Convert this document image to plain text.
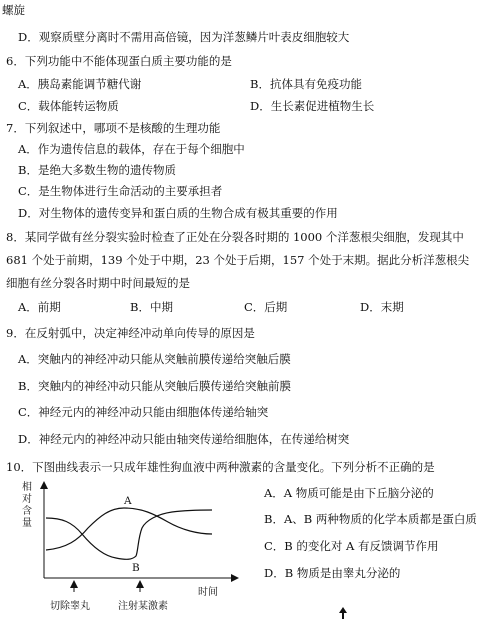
螺旋
D．观察质壁分离时不需用高倍镜，因为洋葱鳞片叶表皮细胞较大
6．下列功能中不能体现蛋白质主要功能的是
A．胰岛素能调节糖代谢	B．抗体具有免疫功能
C．载体能转运物质	D．生长素促进植物生长
7．下列叙述中，哪项不是核酸的生理功能
A．作为遗传信息的载体，存在于每个细胞中
B．是绝大多数生物的遗传物质
C．是生物体进行生命活动的主要承担者
D．对生物体的遗传变异和蛋白质的生物合成有极其重要的作用
8．某同学做有丝分裂实验时检查了正处在分裂各时期的 1000 个洋葱根尖细胞，发现其中
681 个处于前期，139 个处于中期，23 个处于后期，157 个处于末期。据此分析洋葱根尖
细胞有丝分裂各时期中时间最短的是
A．前期	B．中期	C．后期	D．末期
9．在反射弧中，决定神经冲动单向传导的原因是
A．突触内的神经冲动只能从突触前膜传递给突触后膜
B．突触内的神经冲动只能从突触后膜传递给突触前膜
C．神经元内的神经冲动只能由细胞体传递给轴突
D．神经元内的神经冲动只能由轴突传递给细胞体，在传递给树突
10．下图曲线表示一只成年雄性狗血液中两种激素的含量变化。下列分析不正确的是
A．A 物质可能是由下丘脑分泌的
B．A、B 两种物质的化学本质都是蛋白质
C．B 的变化对 A 有反馈调节作用
D．B 物质是由睾丸分泌的
相
对
含
量
时间
A
B
切除睾丸	注射某激素
